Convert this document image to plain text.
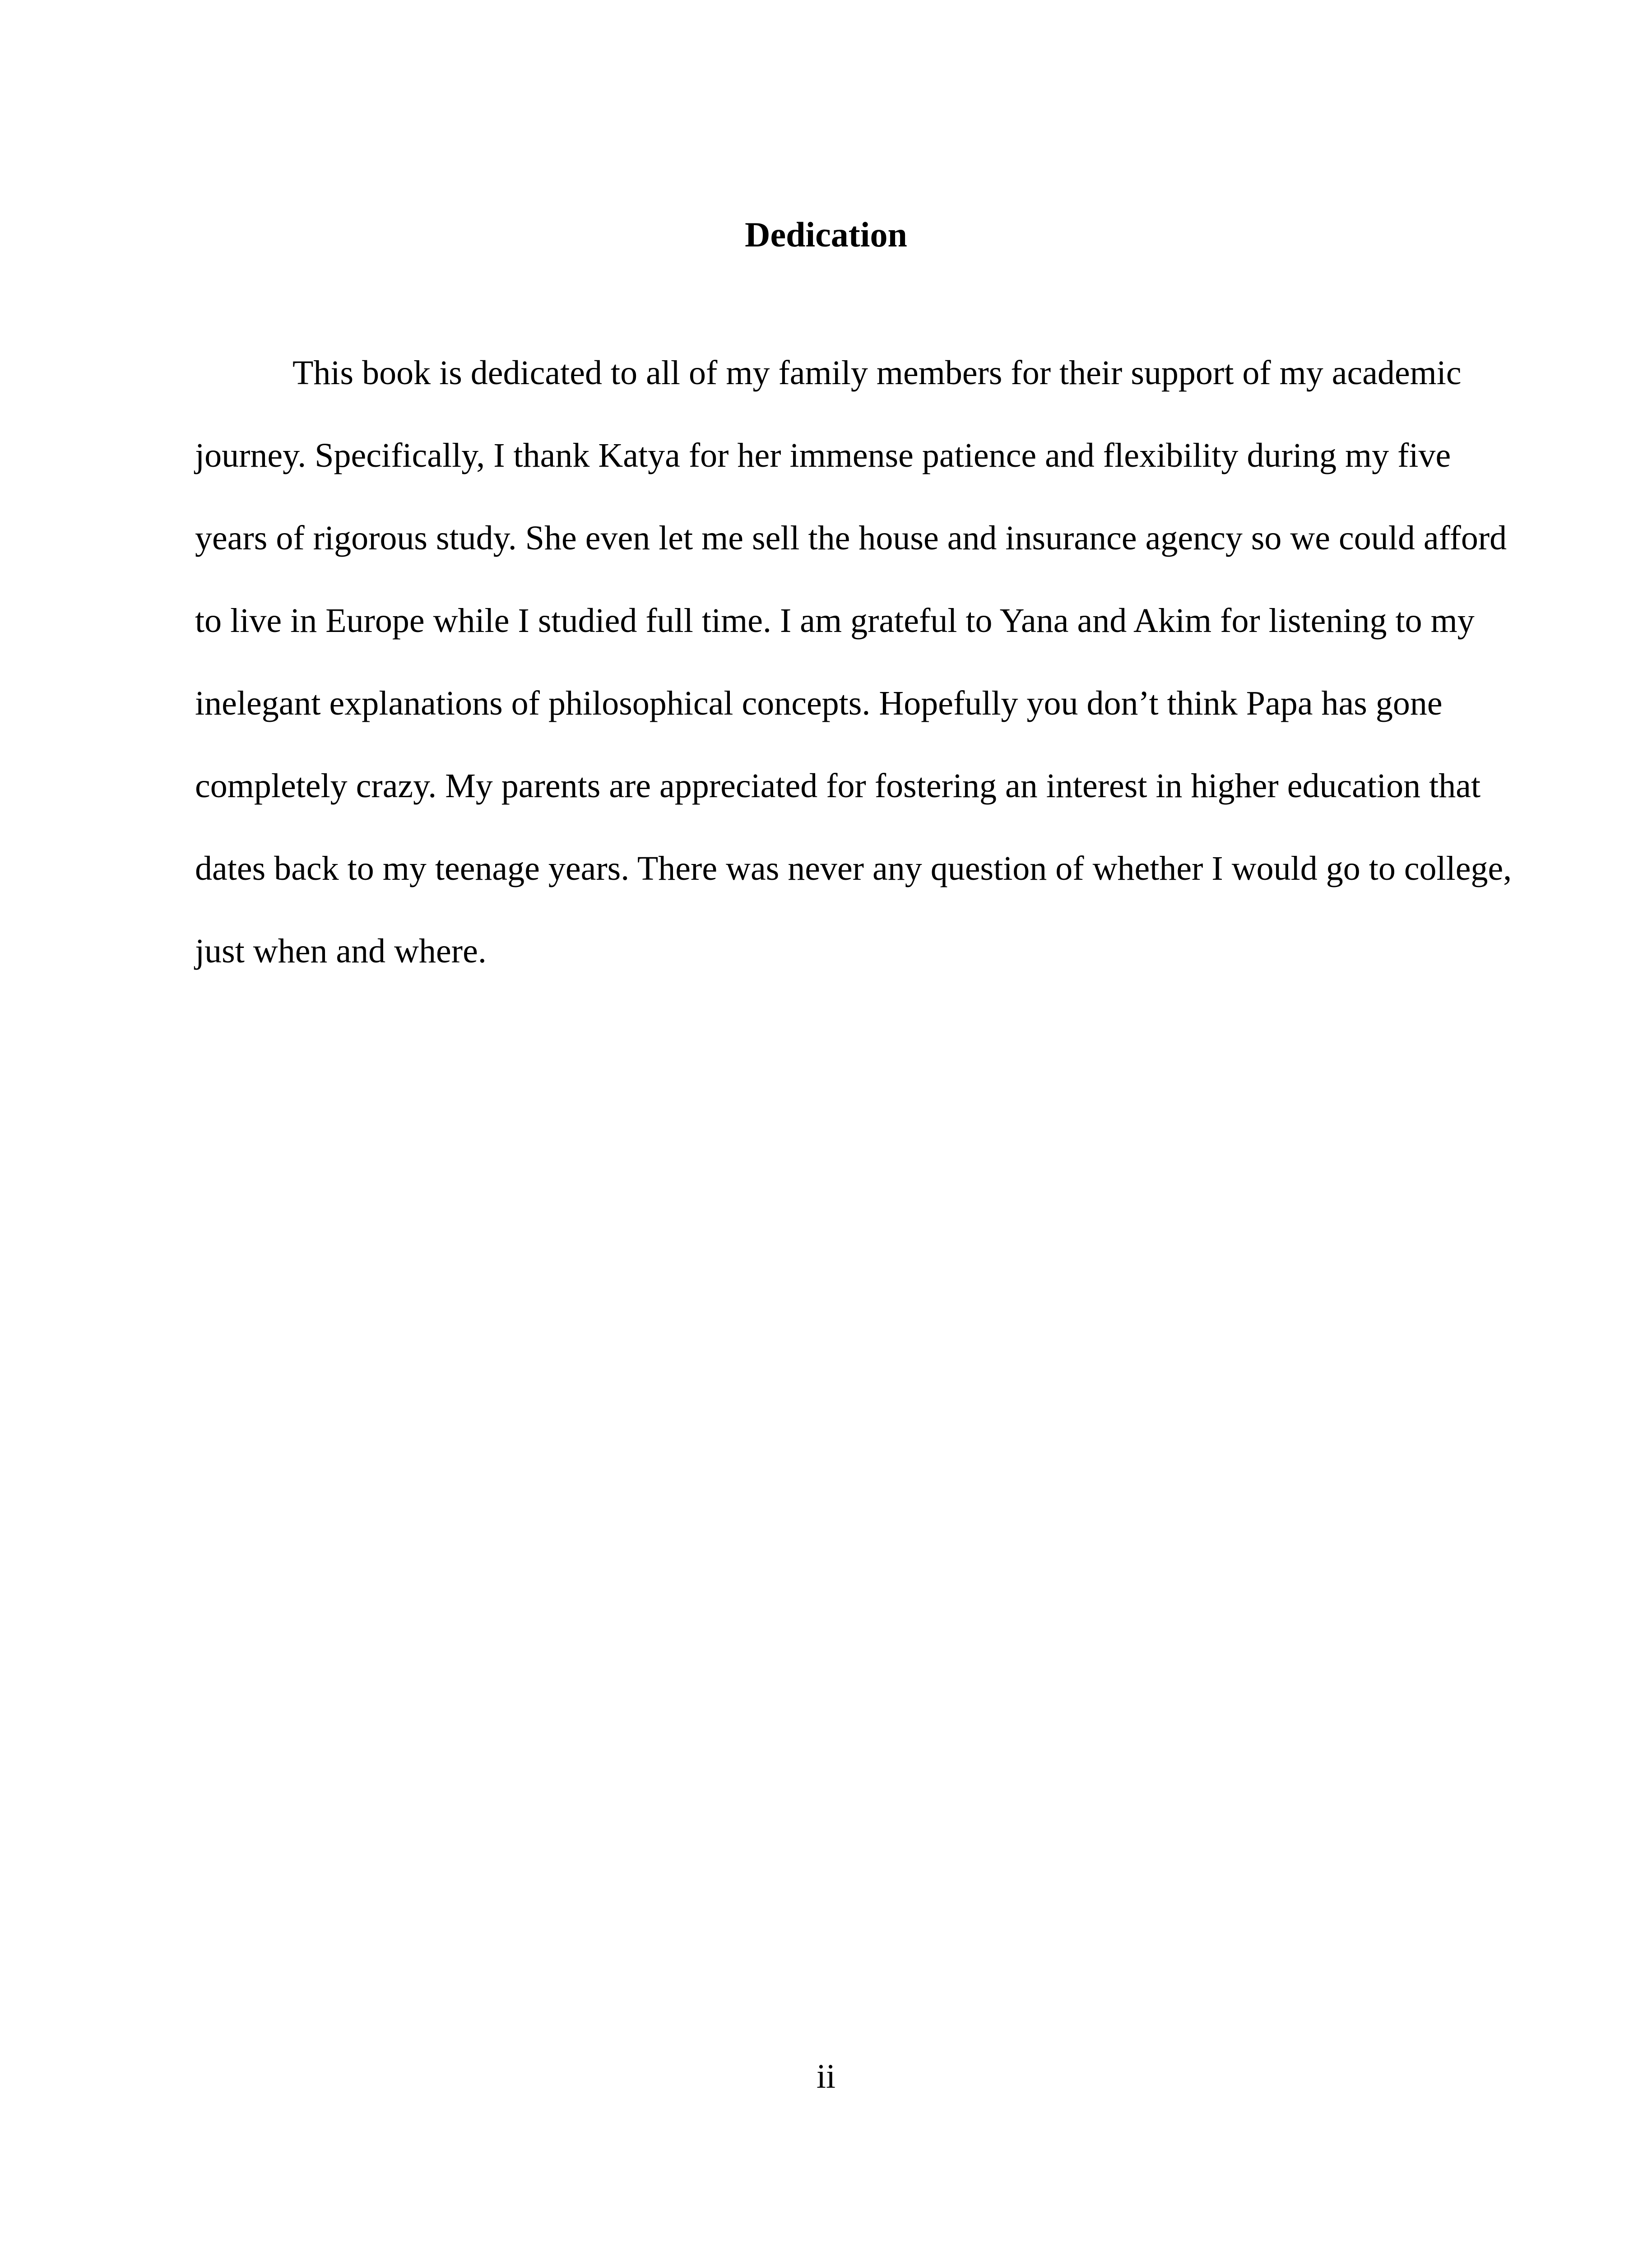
Dedication
This book is dedicated to all of my family members for their support of my academic
journey. Specifically, I thank Katya for her immense patience and flexibility during my five
years of rigorous study. She even let me sell the house and insurance agency so we could afford
to live in Europe while I studied full time. I am grateful to Yana and Akim for listening to my
inelegant explanations of philosophical concepts. Hopefully you don’t think Papa has gone
completely crazy. My parents are appreciated for fostering an interest in higher education that
dates back to my teenage years. There was never any question of whether I would go to college,
just when and where.
ii
